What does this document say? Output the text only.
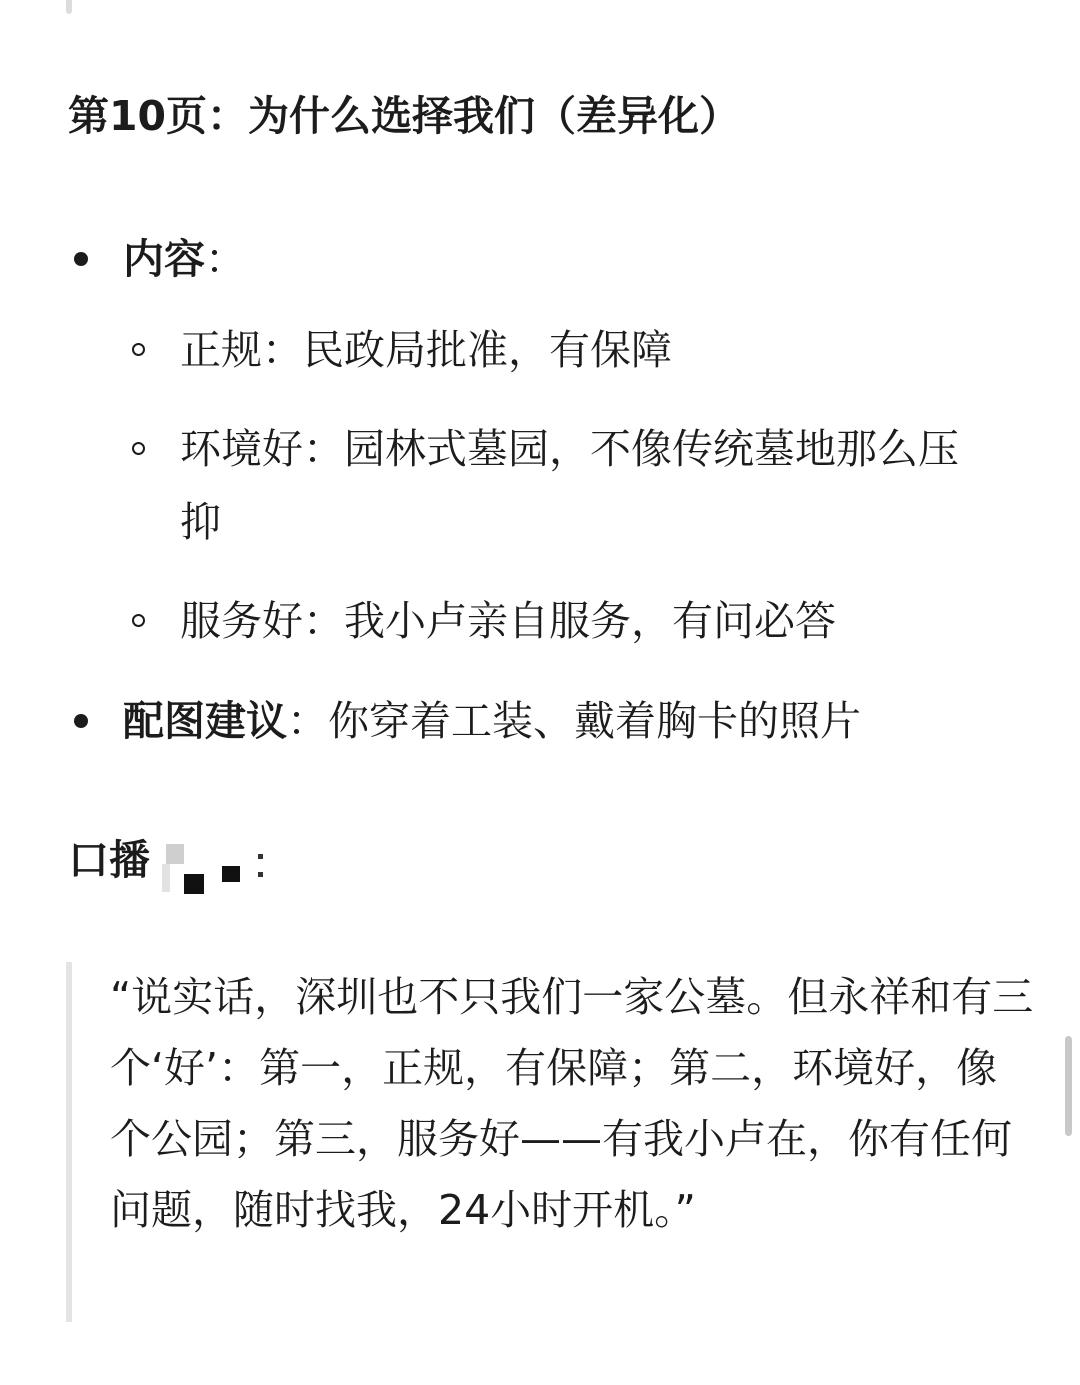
第10页：为什么选择我们（差异化）
内容：
正规：民政局批准，有保障
环境好：园林式墓园，不像传统墓地那么压抑
服务好：我小卢亲自服务，有问必答
配图建议：你穿着工装、戴着胸卡的照片
口播
“说实话，深圳也不只我们一家公墓。但永祥和有三个‘好’：第一，正规，有保障；第二，环境好，像个公园；第三，服务好——有我小卢在，你有任何问题，随时找我，24小时开机。”
